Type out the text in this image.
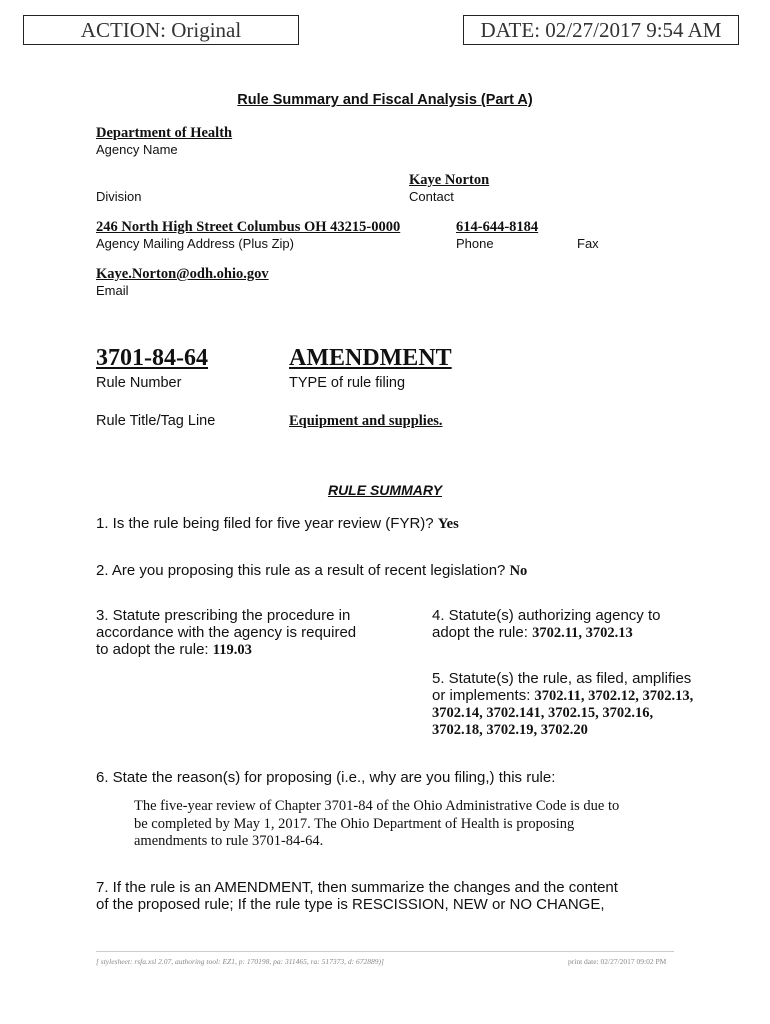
ACTION: Original	DATE: 02/27/2017 9:54 AM
Rule Summary and Fiscal Analysis (Part A)
Department of Health
Agency Name
Kaye Norton
Division	Contact
246 North High Street Columbus OH 43215-0000	614-644-8184
Agency Mailing Address (Plus Zip)	Phone	Fax
Kaye.Norton@odh.ohio.gov
Email
3701-84-64	AMENDMENT
Rule Number	TYPE of rule filing
Rule Title/Tag Line	Equipment and supplies.
RULE SUMMARY
1. Is the rule being filed for five year review (FYR)? Yes
2. Are you proposing this rule as a result of recent legislation? No
3. Statute prescribing the procedure in
accordance with the agency is required
to adopt the rule: 119.03
4. Statute(s) authorizing agency to
adopt the rule: 3702.11, 3702.13
5. Statute(s) the rule, as filed, amplifies
or implements: 3702.11, 3702.12, 3702.13,
3702.14, 3702.141, 3702.15, 3702.16,
3702.18, 3702.19, 3702.20
6. State the reason(s) for proposing (i.e., why are you filing,) this rule:
The five-year review of Chapter 3701-84 of the Ohio Administrative Code is due to
be completed by May 1, 2017. The Ohio Department of Health is proposing
amendments to rule 3701-84-64.
7. If the rule is an AMENDMENT, then summarize the changes and the content
of the proposed rule; If the rule type is RESCISSION, NEW or NO CHANGE,
[ stylesheet: rsfa.xsl 2.07, authoring tool: EZ1, p: 170198, pa: 311465, ra: 517373, d: 672889)]	print date: 02/27/2017 09:02 PM
